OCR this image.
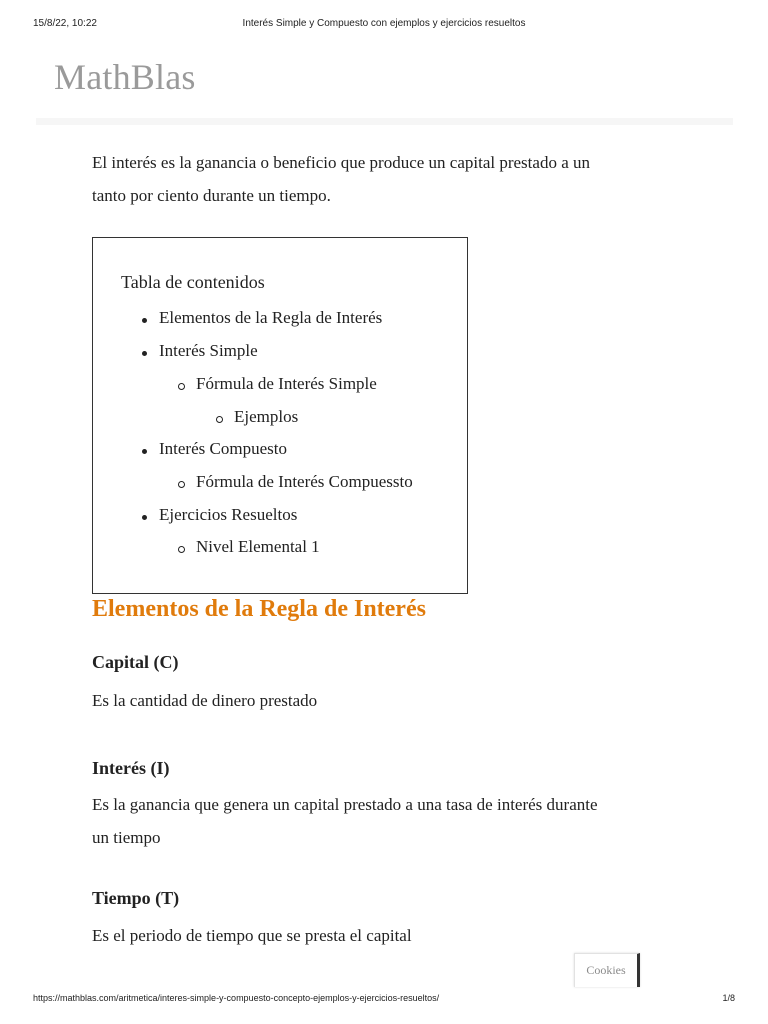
15/8/22, 10:22	Interés Simple y Compuesto con ejemplos y ejercicios resueltos
MathBlas

El interés es la ganancia o beneficio que produce un capital prestado a un
tanto por ciento durante un tiempo.

Tabla de contenidos
Elementos de la Regla de Interés
Interés Simple
Fórmula de Interés Simple
Ejemplos
Interés Compuesto
Fórmula de Interés Compuessto
Ejercicios Resueltos
Nivel Elemental 1
Elementos de la Regla de Interés
Capital (C)
Es la cantidad de dinero prestado
Interés (I)
Es la ganancia que genera un capital prestado a una tasa de interés durante
un tiempo
Tiempo (T)
Es el periodo de tiempo que se presta el capital
Cookies
https://mathblas.com/aritmetica/interes-simple-y-compuesto-concepto-ejemplos-y-ejercicios-resueltos/	1/8
